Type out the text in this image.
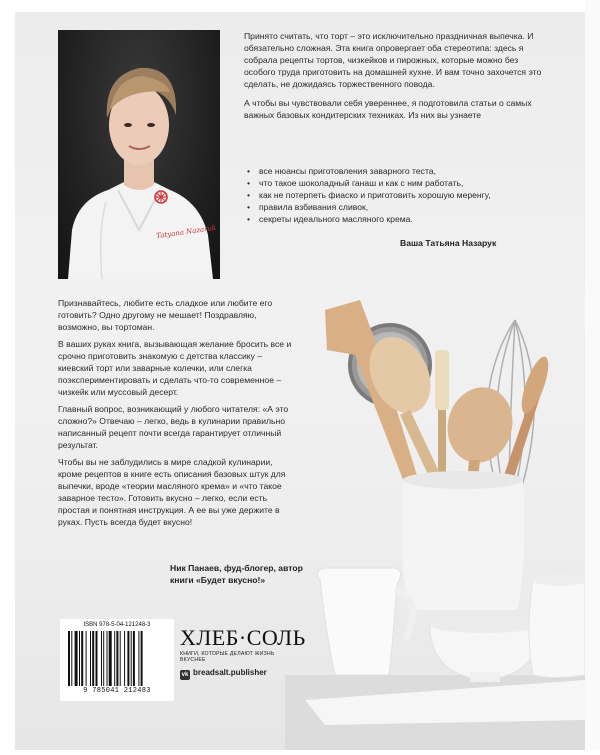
Tatyana Nazaruk

Принято считать, что торт – это исключительно праздничная выпечка. И обязательно сложная. Эта книга опровергает оба стереотипа: здесь я собрала рецепты тортов, чизкейков и пирожных, которые можно без особого труда приготовить на домашней кухне. И вам точно захочется это сделать, не дожидаясь торжественного повода.

А чтобы вы чувствовали себя увереннее, я подготовила статьи о самых важных базовых кондитерских техниках. Из них вы узнаете

• все нюансы приготовления заварного теста,
• что такое шоколадный ганаш и как с ним работать,
• как не потерпеть фиаско и приготовить хорошую меренгу,
• правила взбивания сливок,
• секреты идеального масляного крема.
Ваша Татьяна Назарук

Признавайтесь, любите есть сладкое или любите его готовить? Одно другому не мешает! Поздравляю, возможно, вы тортоман.

В ваших руках книга, вызывающая желание бросить все и срочно приготовить знакомую с детства классику – киевский торт или заварные колечки, или слегка поэкспериментировать и сделать что-то современное – чизкейк или муссовый десерт.

Главный вопрос, возникающий у любого читателя: «А это сложно?» Отвечаю – легко, ведь в кулинарии правильно написанный рецепт почти всегда гарантирует отличный результат.

Чтобы вы не заблудились в мире сладкой кулинарии, кроме рецептов в книге есть описания базовых штук для выпечки, вроде «теории масляного крема» и «что такое заварное тесто». Готовить вкусно – легко, если есть простая и понятная инструкция. А ее вы уже держите в руках. Пусть всегда будет вкусно!

Ник Панаев, фуд-блогер, автор книги «Будет вкусно!»
ISBN 978-5-04-121248-3
9 785041 212483
ХЛЕБ·СОЛЬ
КНИГИ, КОТОРЫЕ ДЕЛАЮТ ЖИЗНЬ ВКУСНЕЕ
vk breadsalt.publisher
